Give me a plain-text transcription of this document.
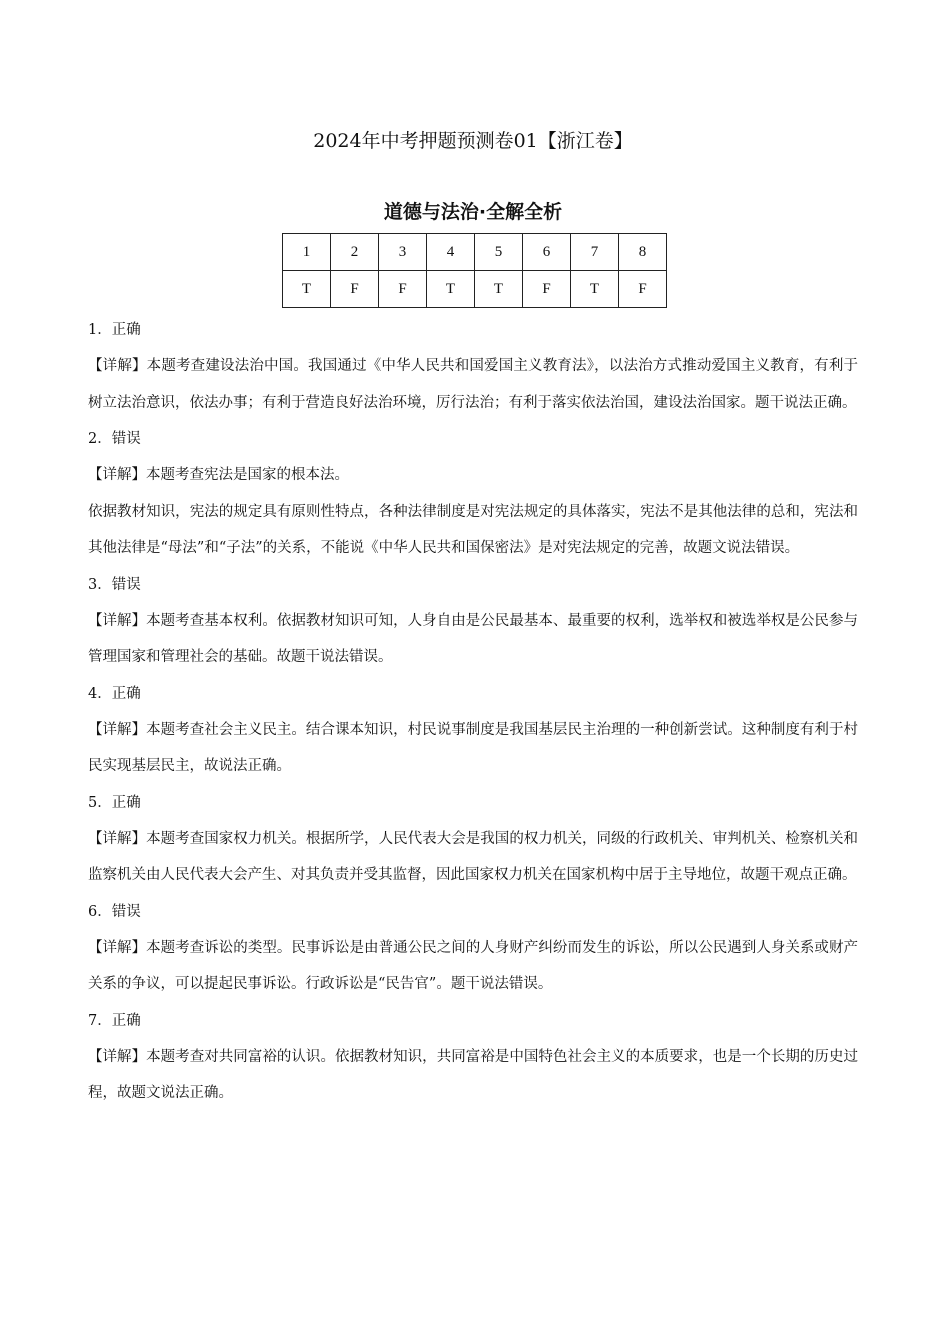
2024年中考押题预测卷01【浙江卷】
道德与法治·全解全析
1	2	3	4	5	6	7	8
T	F	F	T	T	F	T	F
1．正确

【详解】本题考查建设法治中国。我国通过《中华人民共和国爱国主义教育法》，以法治方式推动爱国主义教育，有利于树立法治意识，依法办事；有利于营造良好法治环境，厉行法治；有利于落实依法治国，建设法治国家。题干说法正确。

2．错误

【详解】本题考查宪法是国家的根本法。

依据教材知识，宪法的规定具有原则性特点，各种法律制度是对宪法规定的具体落实，宪法不是其他法律的总和，宪法和其他法律是“母法”和“子法”的关系，不能说《中华人民共和国保密法》是对宪法规定的完善，故题文说法错误。

3．错误

【详解】本题考查基本权利。依据教材知识可知，人身自由是公民最基本、最重要的权利，选举权和被选举权是公民参与管理国家和管理社会的基础。故题干说法错误。

4．正确

【详解】本题考查社会主义民主。结合课本知识，村民说事制度是我国基层民主治理的一种创新尝试。这种制度有利于村民实现基层民主，故说法正确。

5．正确

【详解】本题考查国家权力机关。根据所学，人民代表大会是我国的权力机关，同级的行政机关、审判机关、检察机关和监察机关由人民代表大会产生、对其负责并受其监督，因此国家权力机关在国家机构中居于主导地位，故题干观点正确。

6．错误

【详解】本题考查诉讼的类型。民事诉讼是由普通公民之间的人身财产纠纷而发生的诉讼，所以公民遇到人身关系或财产关系的争议，可以提起民事诉讼。行政诉讼是“民告官”。题干说法错误。

7．正确

【详解】本题考查对共同富裕的认识。依据教材知识，共同富裕是中国特色社会主义的本质要求，也是一个长期的历史过程，故题文说法正确。
